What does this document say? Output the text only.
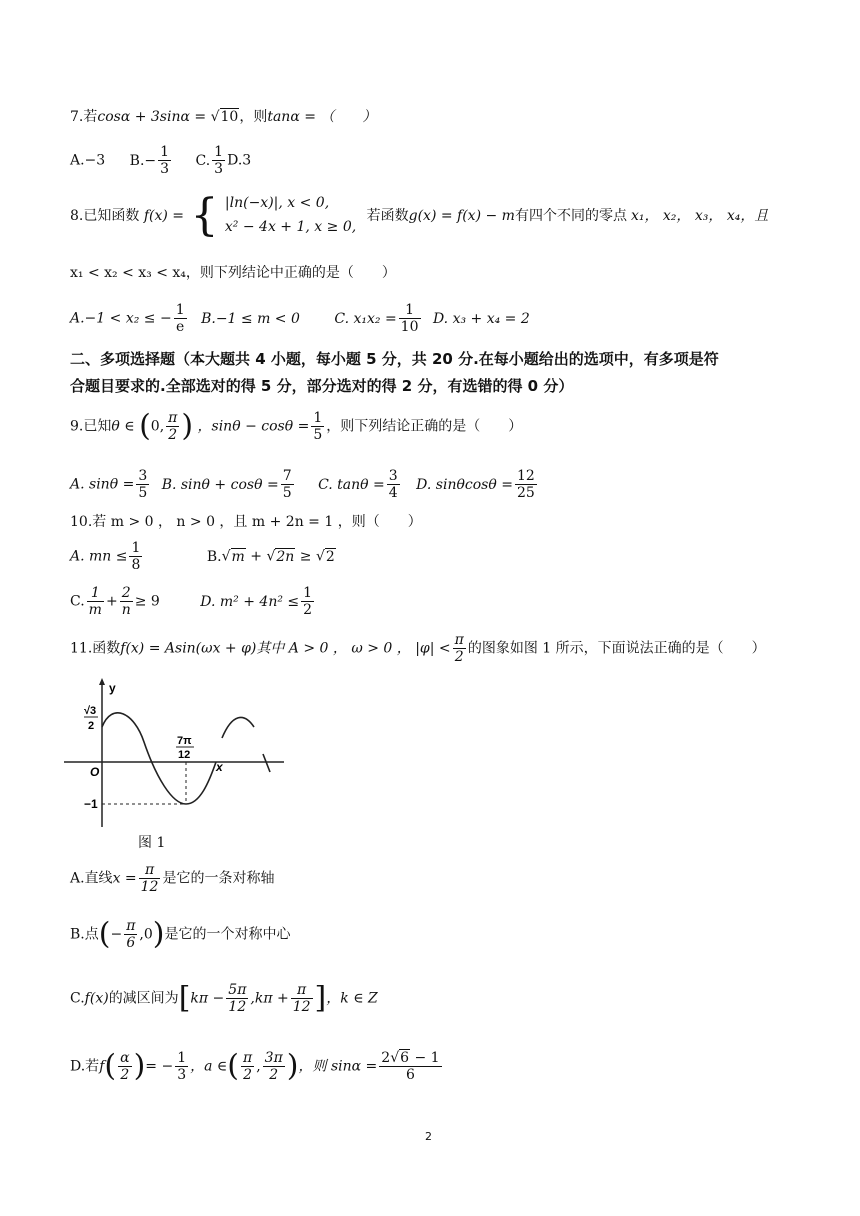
7.若cosα + 3sinα = √10，则tanα = （　　）
A.−3 $B.- \frac{1}{3} C$. $\frac{1}{3} D.3$
8.已知函数 f(x) = { |ln(−x)|, x < 0,
x² − 4x + 1, x ≥ 0,
若函数g(x) = f(x) − m有四个不同的零点 x₁， x₂， x₃， x₄，且
x₁ < x₂ < x₃ < x₄，则下列结论中正确的是（　　）
A.−1 < x₂ ≤ − $\frac{1}{e} B.-1 \le m < 0$ C. $x_1x_2 = \frac{1}{10} D$. x₃ + x₄ = 2
二、多项选择题（本大题共 4 小题，每小题 5 分，共 20 分.在每小题给出的选项中，有多项是符
合题目要求的.全部选对的得 5 分，部分选对的得 2 分，有选错的得 0 分）
9.已知θ ∈ (0, $\frac{\pi}{2}$ ) ，$\sin\theta - \cos\theta = \frac{1}{5}$ ，则下列结论正确的是（　　）
A. $\sin\theta = \frac{3}{5} B$. $\sin\theta + \cos\theta = \frac{7}{5} C$. $\tan\theta = \frac{3}{4} D$. $\sin\theta\cos\theta = \frac{12}{25}$
10.若 m > 0 ， n > 0 ，且 m + 2n = 1 ，则（　　）
A. mn ≤ $\frac{1}{8}$	B.√m + √2n ≥ √2
C. $\frac{1}{m} + \frac{2}{n} \ge 9$	D. $m^2 + 4n^2 \le \frac{1}{2}$
11.函数f(x) = Asin(ωx + φ)其中 A > 0 ， ω > 0 ， $|\varphi| < \frac{\pi}{2}$ 的图象如图 1 所示，下面说法正确的是（　　）
y
x
O
√3
2
7π
12
−1
图 1
A.直线$x = \frac{\pi}{12}$ 是它的一条对称轴
B.点(− $\frac{\pi}{6} ,0$)是它的一个对称中心
C.f(x)的减区间为[$k\pi - \frac{5\pi}{12} ,k\pi + \frac{\pi}{12}$ ]，k ∈ Z
D.若$f( \frac{\alpha}{2}$ )= − $\frac{1}{3}$ ，a ∈( $\frac{\pi}{2}$ , $\frac{3\pi}{2}$ )，则 $\sin\alpha = \frac{2√6 - 1}{6}$
2
